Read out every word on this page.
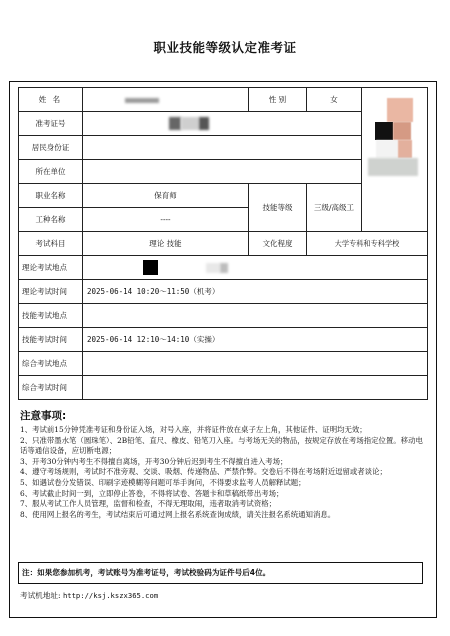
职业技能等级认定准考证
姓 名		性 别	女	

准考证号				
居民身份证				
所在单位				
职业名称	保育师	技能等级	三级/高级工	
工种名称	----			
考试科目	理论 技能	文化程度	大学专科和专科学校	
理论考试地点				
理论考试时间	2025-06-14 10:20～11:50（机考）			
技能考试地点				
技能考试时间	2025-06-14 12:10～14:10（实操）			
综合考试地点				
综合考试时间				
注意事项:
1、考试前15分钟凭准考证和身份证入场，对号入座，并将证件放在桌子左上角，其他证件、证明均无效；
2、只准带墨水笔（圆珠笔）、2B铅笔、直尺、橡皮、铅笔刀入座。与考场无关的物品，按规定存放在考场指定位置。移动电话等通信设备，应切断电源；
3、开考30分钟内考生不得擅自离场，开考30分钟后迟到考生不得擅自进入考场；
4、遵守考场规则，考试时不准旁观、交谈、吸烟、传递物品、严禁作弊。交卷后不得在考场附近逗留或者谈论；
5、如遇试卷分发错误、印刷字迹模糊等问题可举手询问，不得要求监考人员解释试题；
6、考试截止时间一到，立即停止答卷，不得将试卷、答题卡和草稿纸带出考场；
7、服从考试工作人员管理，监督和检查，不得无理取闹，违者取消考试资格；
8、使用网上报名的考生，考试结束后可通过网上报名系统查询成绩，请关注报名系统通知消息。
注：如果您参加机考，考试账号为准考证号，考试校验码为证件号后4位。
考试机地址: http://ksj.kszx365.com
